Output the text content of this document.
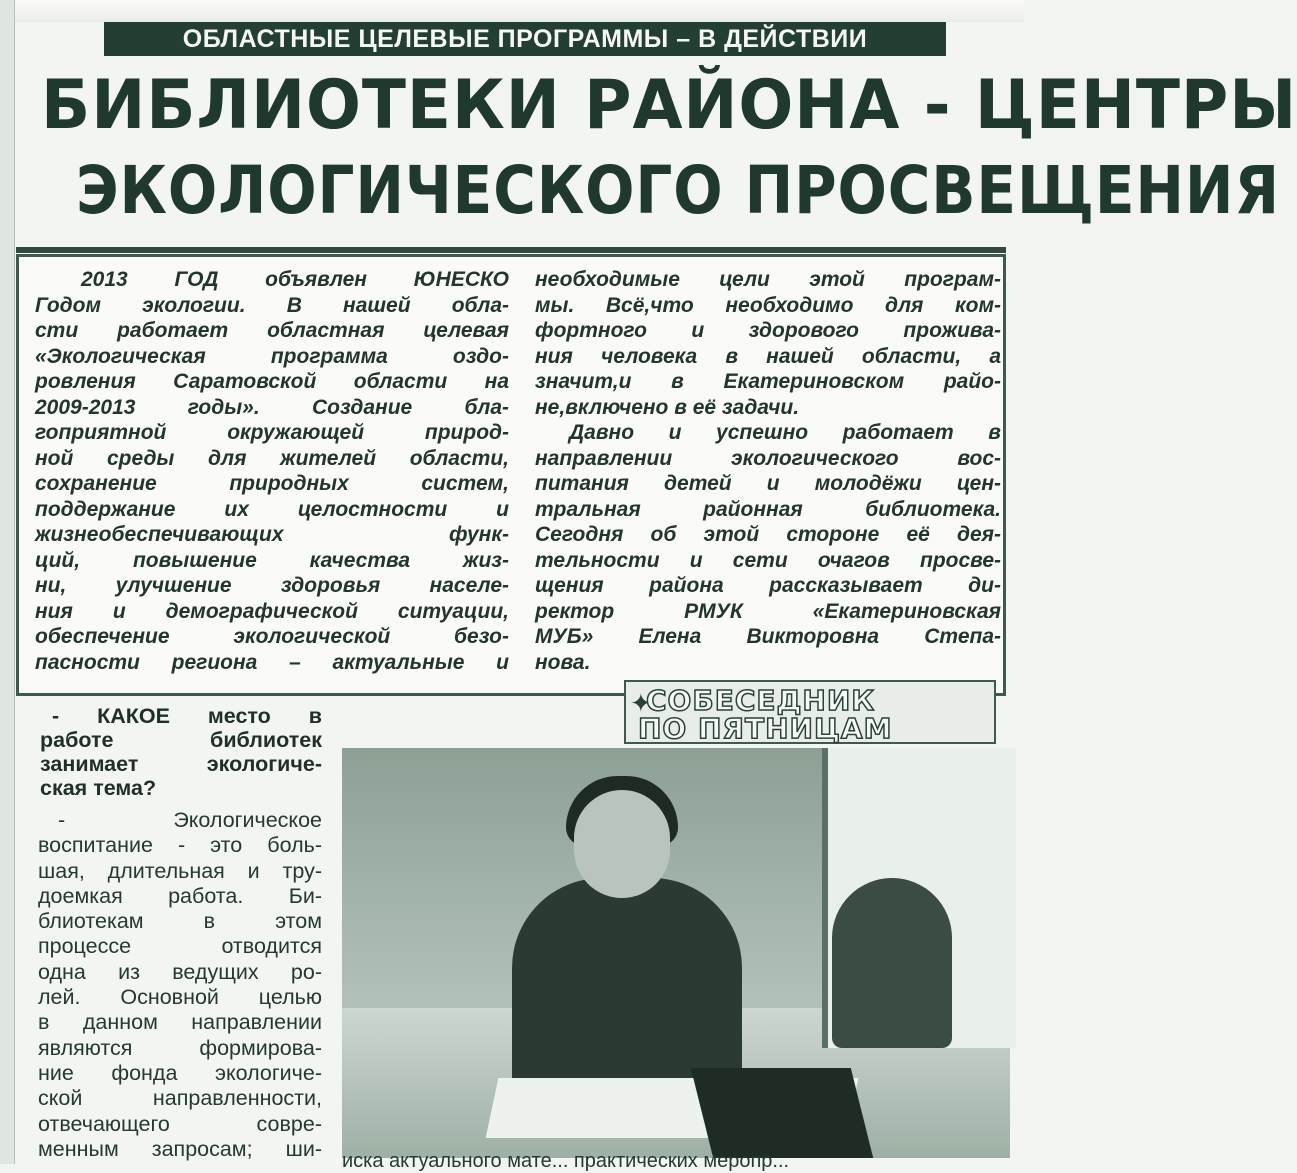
ОБЛАСТНЫЕ ЦЕЛЕВЫЕ ПРОГРАММЫ – В ДЕЙСТВИИ
БИБЛИОТЕКИ РАЙОНА - ЦЕНТРЫ
ЭКОЛОГИЧЕСКОГО ПРОСВЕЩЕНИЯ
2013 ГОД объявлен ЮНЕСКО
Годом экологии. В нашей обла-
сти работает областная целевая
«Экологическая программа оздо-
ровления Саратовской области на
2009-2013 годы». Создание бла-
гоприятной окружающей природ-
ной среды для жителей области,
сохранение природных систем,
поддержание их целостности и
жизнеобеспечивающих функ-
ций, повышение качества жиз-
ни, улучшение здоровья населе-
ния и демографической ситуации,
обеспечение экологической безо-
пасности региона – актуальные и
необходимые цели этой програм-
мы. Всё,что необходимо для ком-
фортного и здорового прожива-
ния человека в нашей области, а
значит,и в Екатериновском райо-
не,включено в её задачи.
Давно и успешно работает в
направлении экологического вос-
питания детей и молодёжи цен-
тральная районная библиотека.
Сегодня об этой стороне её дея-
тельности и сети очагов просве-
щения района рассказывает ди-
ректор РМУК «Екатериновская
МУБ» Елена Викторовна Степа-
нова.
- КАКОЕ место в
работе библиотек
занимает экологиче-
ская тема?
- Экологическое
воспитание - это боль-
шая, длительная и тру-
доемкая работа. Би-
блиотекам в этом
процессе отводится
одна из ведущих ро-
лей. Основной целью
в данном направлении
являются формирова-
ние фонда экологиче-
ской направленности,
отвечающего совре-
менным запросам; ши-
✦
СОБЕСЕДНИК
ПО ПЯТНИЦАМ
иска актуального мате... практических меропр...
